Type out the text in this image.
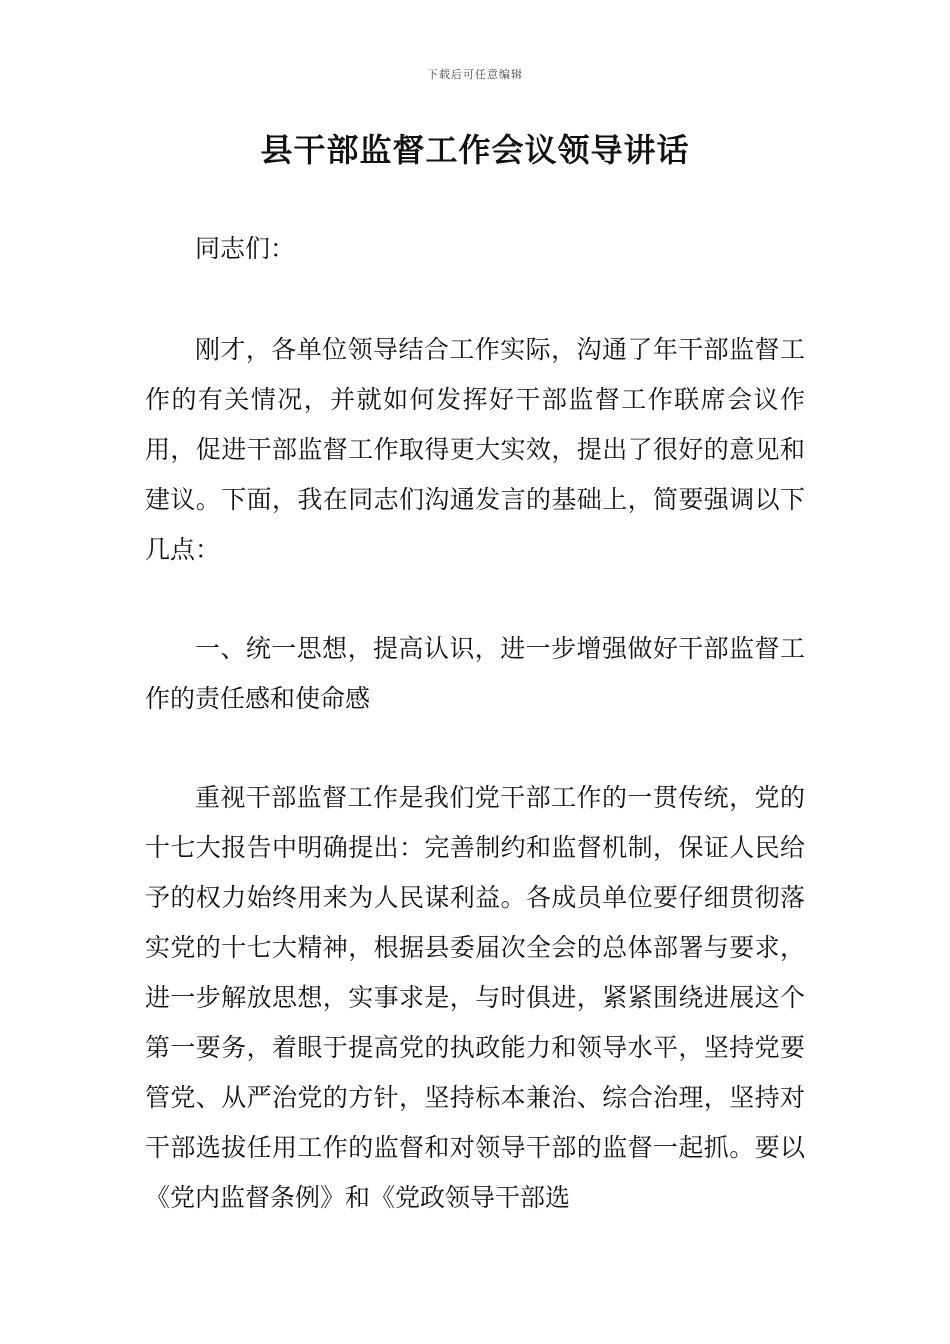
下载后可任意编辑
县干部监督工作会议领导讲话

同志们：

刚才，各单位领导结合工作实际，沟通了年干部监督工作的有关情况，并就如何发挥好干部监督工作联席会议作用，促进干部监督工作取得更大实效，提出了很好的意见和建议。下面，我在同志们沟通发言的基础上，简要强调以下几点：

一、统一思想，提高认识，进一步增强做好干部监督工作的责任感和使命感

重视干部监督工作是我们党干部工作的一贯传统，党的十七大报告中明确提出：完善制约和监督机制，保证人民给予的权力始终用来为人民谋利益。各成员单位要仔细贯彻落实党的十七大精神，根据县委届次全会的总体部署与要求，进一步解放思想，实事求是，与时俱进，紧紧围绕进展这个第一要务，着眼于提高党的执政能力和领导水平，坚持党要管党、从严治党的方针，坚持标本兼治、综合治理，坚持对干部选拔任用工作的监督和对领导干部的监督一起抓。要以《党内监督条例》和《党政领导干部选
